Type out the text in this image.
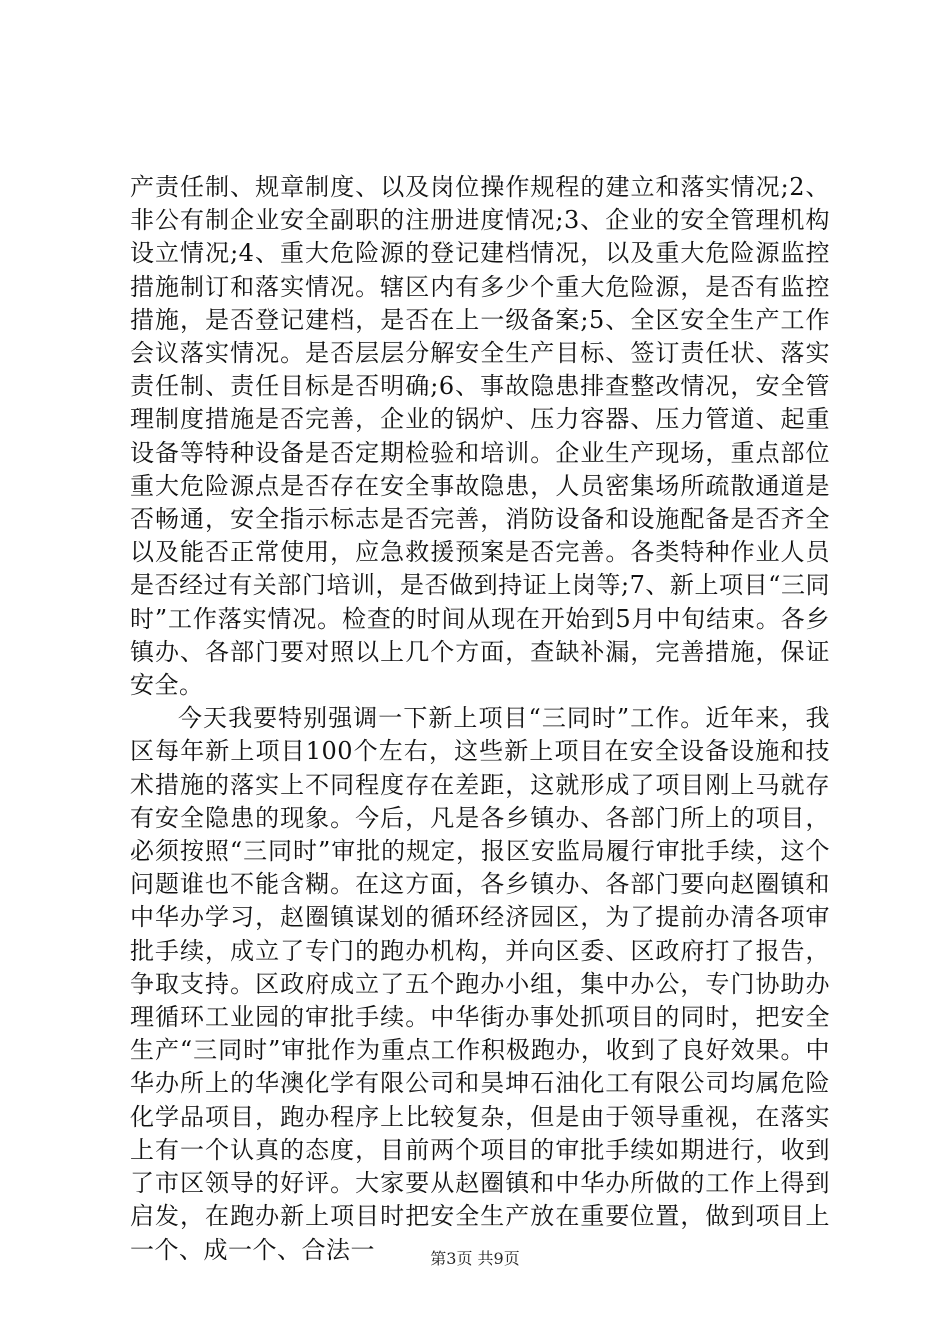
产责任制、规章制度、以及岗位操作规程的建立和落实情况;2、非公有制企业安全副职的注册进度情况;3、企业的安全管理机构设立情况;4、重大危险源的登记建档情况，以及重大危险源监控措施制订和落实情况。辖区内有多少个重大危险源，是否有监控措施，是否登记建档，是否在上一级备案;5、全区安全生产工作会议落实情况。是否层层分解安全生产目标、签订责任状、落实责任制、责任目标是否明确;6、事故隐患排查整改情况，安全管理制度措施是否完善，企业的锅炉、压力容器、压力管道、起重设备等特种设备是否定期检验和培训。企业生产现场，重点部位重大危险源点是否存在安全事故隐患，人员密集场所疏散通道是否畅通，安全指示标志是否完善，消防设备和设施配备是否齐全以及能否正常使用，应急救援预案是否完善。各类特种作业人员是否经过有关部门培训，是否做到持证上岗等;7、新上项目“三同时”工作落实情况。检查的时间从现在开始到5月中旬结束。各乡镇办、各部门要对照以上几个方面，查缺补漏，完善措施，保证安全。

今天我要特别强调一下新上项目“三同时”工作。近年来，我区每年新上项目100个左右，这些新上项目在安全设备设施和技术措施的落实上不同程度存在差距，这就形成了项目刚上马就存有安全隐患的现象。今后，凡是各乡镇办、各部门所上的项目，必须按照“三同时”审批的规定，报区安监局履行审批手续，这个问题谁也不能含糊。在这方面，各乡镇办、各部门要向赵圈镇和中华办学习，赵圈镇谋划的循环经济园区，为了提前办清各项审批手续，成立了专门的跑办机构，并向区委、区政府打了报告，争取支持。区政府成立了五个跑办小组，集中办公，专门协助办理循环工业园的审批手续。中华街办事处抓项目的同时，把安全生产“三同时”审批作为重点工作积极跑办，收到了良好效果。中华办所上的华澳化学有限公司和昊坤石油化工有限公司均属危险化学品项目，跑办程序上比较复杂，但是由于领导重视，在落实上有一个认真的态度，目前两个项目的审批手续如期进行，收到了市区领导的好评。大家要从赵圈镇和中华办所做的工作上得到启发，在跑办新上项目时把安全生产放在重要位置，做到项目上一个、成一个、合法一	第3页 共9页
